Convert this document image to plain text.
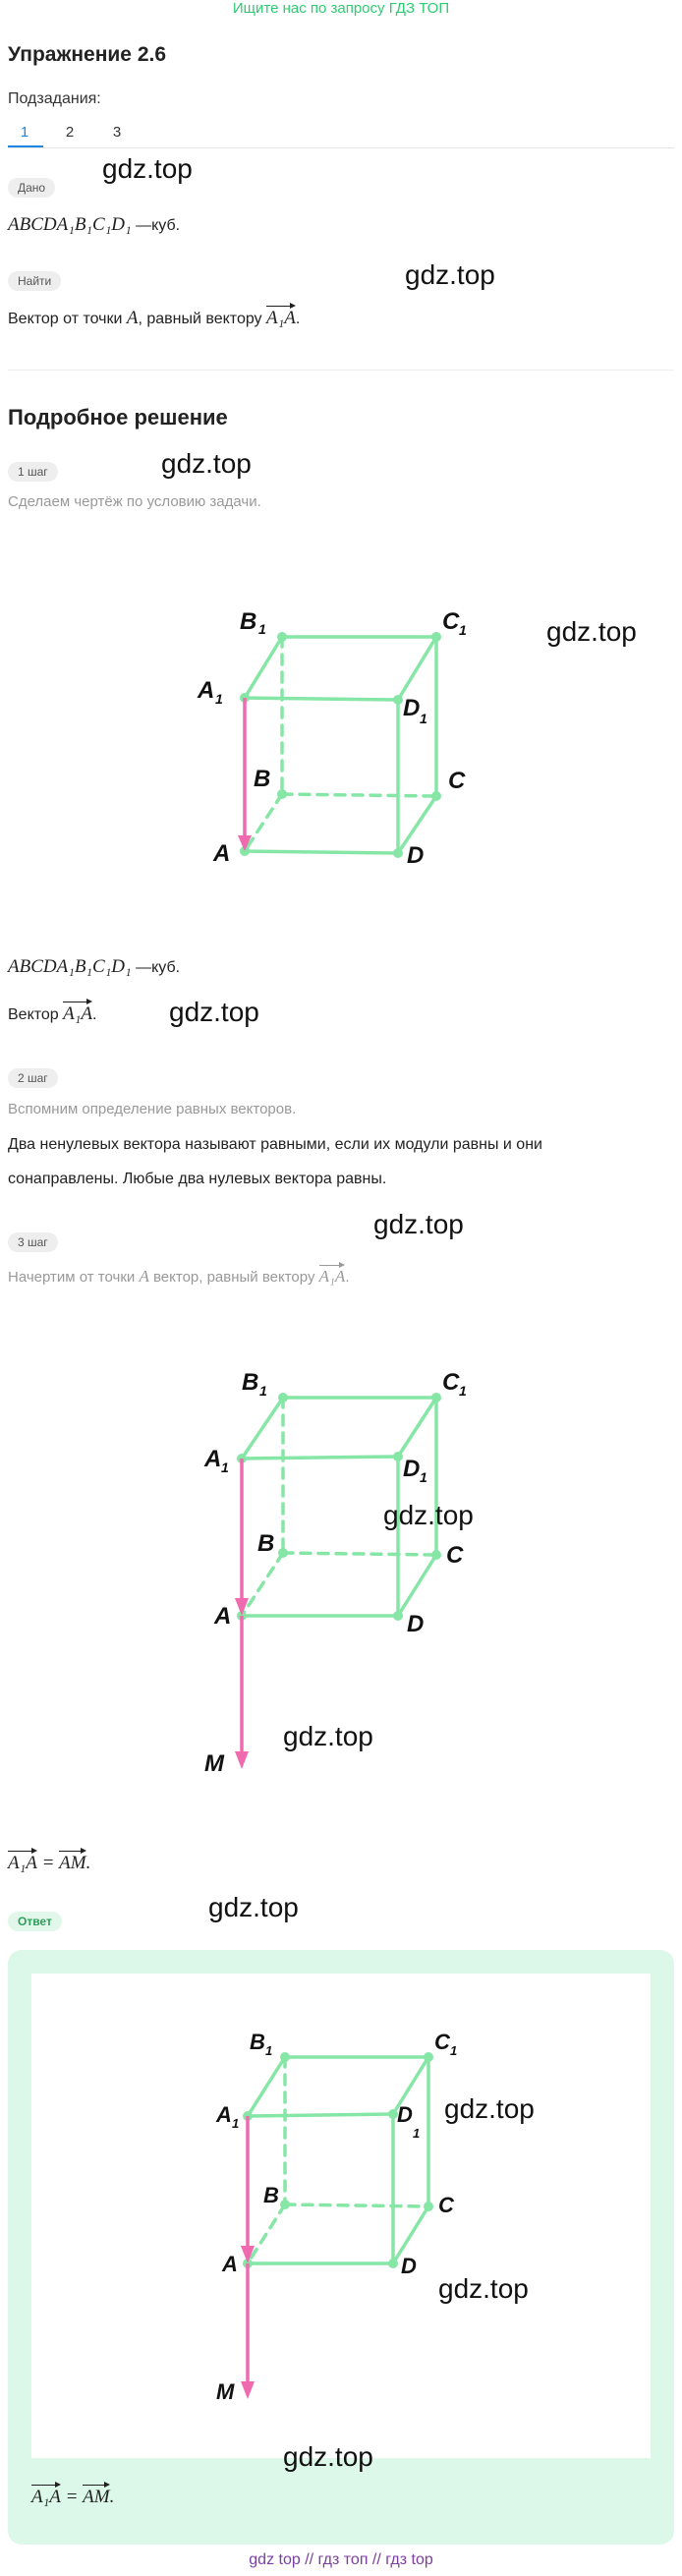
Ищите нас по запросу ГДЗ ТОП
Упражнение 2.6
Подзадания:
1	2	3
Дано
gdz.top
ABCDA₁B₁C₁D₁ —куб.
Найти	gdz.top
Вектор от точки A, равный вектору A₁A.
Подробное решение
1 шаг	gdz.top
Сделаем чертёж по условию задачи.
B 1	C 1
A 1	D 1
B	C
A	D
gdz.top
ABCDA₁B₁C₁D₁ —куб.
Вектор A₁A.	gdz.top
2 шаг
Вспомним определение равных векторов.
Два ненулевых вектора называют равными, если их модули равны и они
сонаправлены. Любые два нулевых вектора равны.
gdz.top
3 шаг
Начертим от точки A вектор, равный вектору A₁A.
B 1	C 1
A 1	D 1
B	C
A	D
M
gdz.top
gdz.top
A₁A = AM.
gdz.top
Ответ
B 1	C 1
A 1	D
1
B	C
A	D
M
gdz.top
gdz.top
gdz.top
A₁A = AM.
gdz top // гдз топ // гдз top
